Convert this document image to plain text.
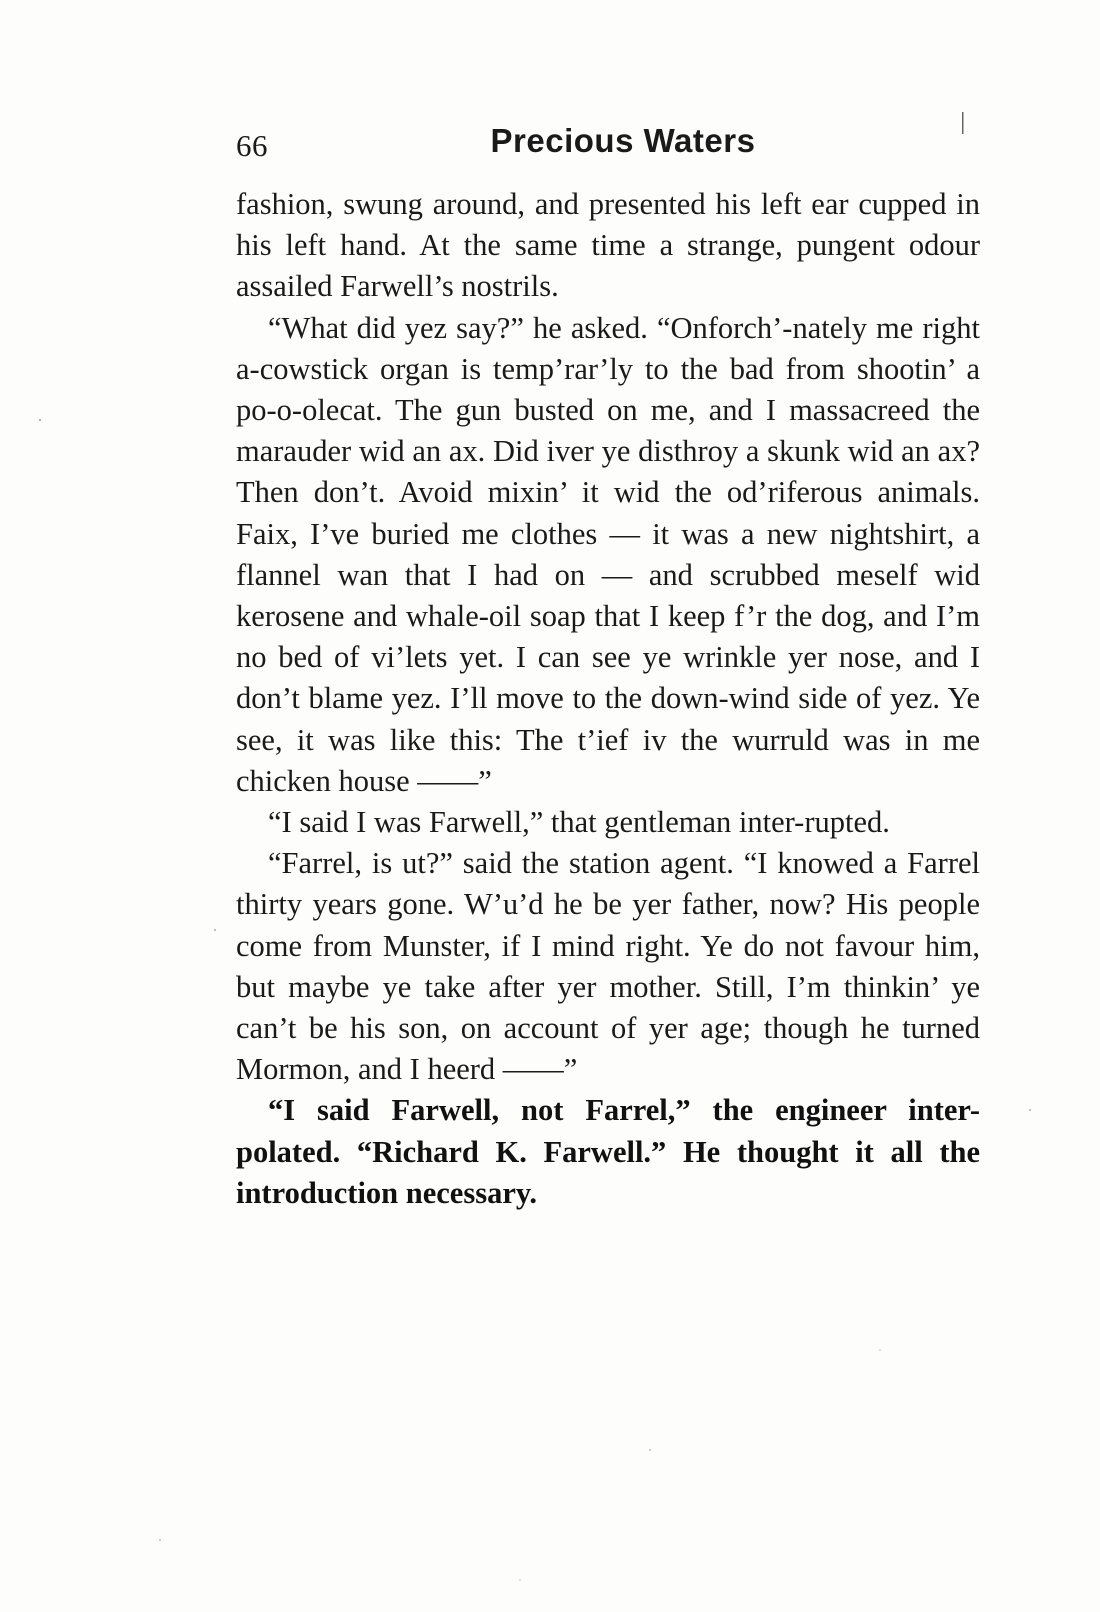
66	Precious Waters

fashion, swung around, and presented his left ear cupped in his left hand. At the same time a strange, pungent odour assailed Farwell’s nostrils.

“What did yez say?” he asked. “Onforch’-nately me right a-cowstick organ is temp’rar’ly to the bad from shootin’ a po-o-olecat. The gun busted on me, and I massacreed the marauder wid an ax. Did iver ye disthroy a skunk wid an ax? Then don’t. Avoid mixin’ it wid the od’riferous animals. Faix, I’ve buried me clothes — it was a new nightshirt, a flannel wan that I had on — and scrubbed meself wid kerosene and whale-oil soap that I keep f’r the dog, and I’m no bed of vi’lets yet. I can see ye wrinkle yer nose, and I don’t blame yez. I’ll move to the down-wind side of yez. Ye see, it was like this: The t’ief iv the wurruld was in me chicken house ——”

“I said I was Farwell,” that gentleman inter-rupted.

“Farrel, is ut?” said the station agent. “I knowed a Farrel thirty years gone. W’u’d he be yer father, now? His people come from Munster, if I mind right. Ye do not favour him, but maybe ye take after yer mother. Still, I’m thinkin’ ye can’t be his son, on account of yer age; though he turned Mormon, and I heerd ——”

“I said Farwell, not Farrel,” the engineer inter-polated. “Richard K. Farwell.” He thought it all the introduction necessary.
